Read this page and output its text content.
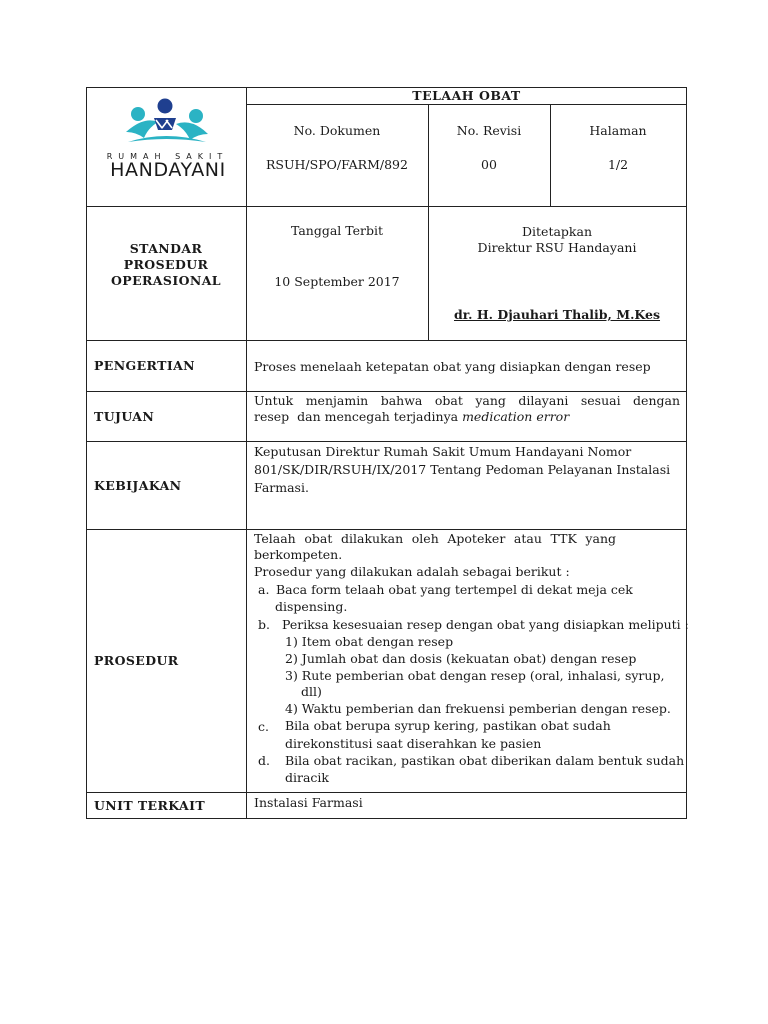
RUMAH SAKIT
HANDAYANI
TELAAH OBAT
No. Dokumen
RSUH/SPO/FARM/892
No. Revisi
00
Halaman
1/2
STANDAR
PROSEDUR
OPERASIONAL
Tanggal Terbit
10 September 2017
Ditetapkan
Direktur RSU Handayani
dr. H. Djauhari Thalib, M.Kes
PENGERTIAN	Proses menelaah ketepatan obat yang disiapkan dengan resep
TUJUAN
Untuk menjamin bahwa obat yang dilayani sesuai dengan
resep  dan mencegah terjadinya medication error
KEBIJAKAN
Keputusan Direktur Rumah Sakit Umum Handayani Nomor
801/SK/DIR/RSUH/IX/2017 Tentang Pedoman Pelayanan Instalasi
Farmasi.
PROSEDUR
Telaah obat dilakukan oleh Apoteker atau TTK yang
berkompeten.
Prosedur yang dilakukan adalah sebagai berikut :
a. Baca form telaah obat yang tertempel di dekat meja cek
dispensing.
b. Periksa kesesuaian resep dengan obat yang disiapkan meliputi :
1) Item obat dengan resep
2) Jumlah obat dan dosis (kekuatan obat) dengan resep
3) Rute pemberian obat dengan resep (oral, inhalasi, syrup,
dll)
4) Waktu pemberian dan frekuensi pemberian dengan resep.
c. Bila obat berupa syrup kering, pastikan obat sudah
direkonstitusi saat diserahkan ke pasien
d. Bila obat racikan, pastikan obat diberikan dalam bentuk sudah
diracik
UNIT TERKAIT	Instalasi Farmasi
